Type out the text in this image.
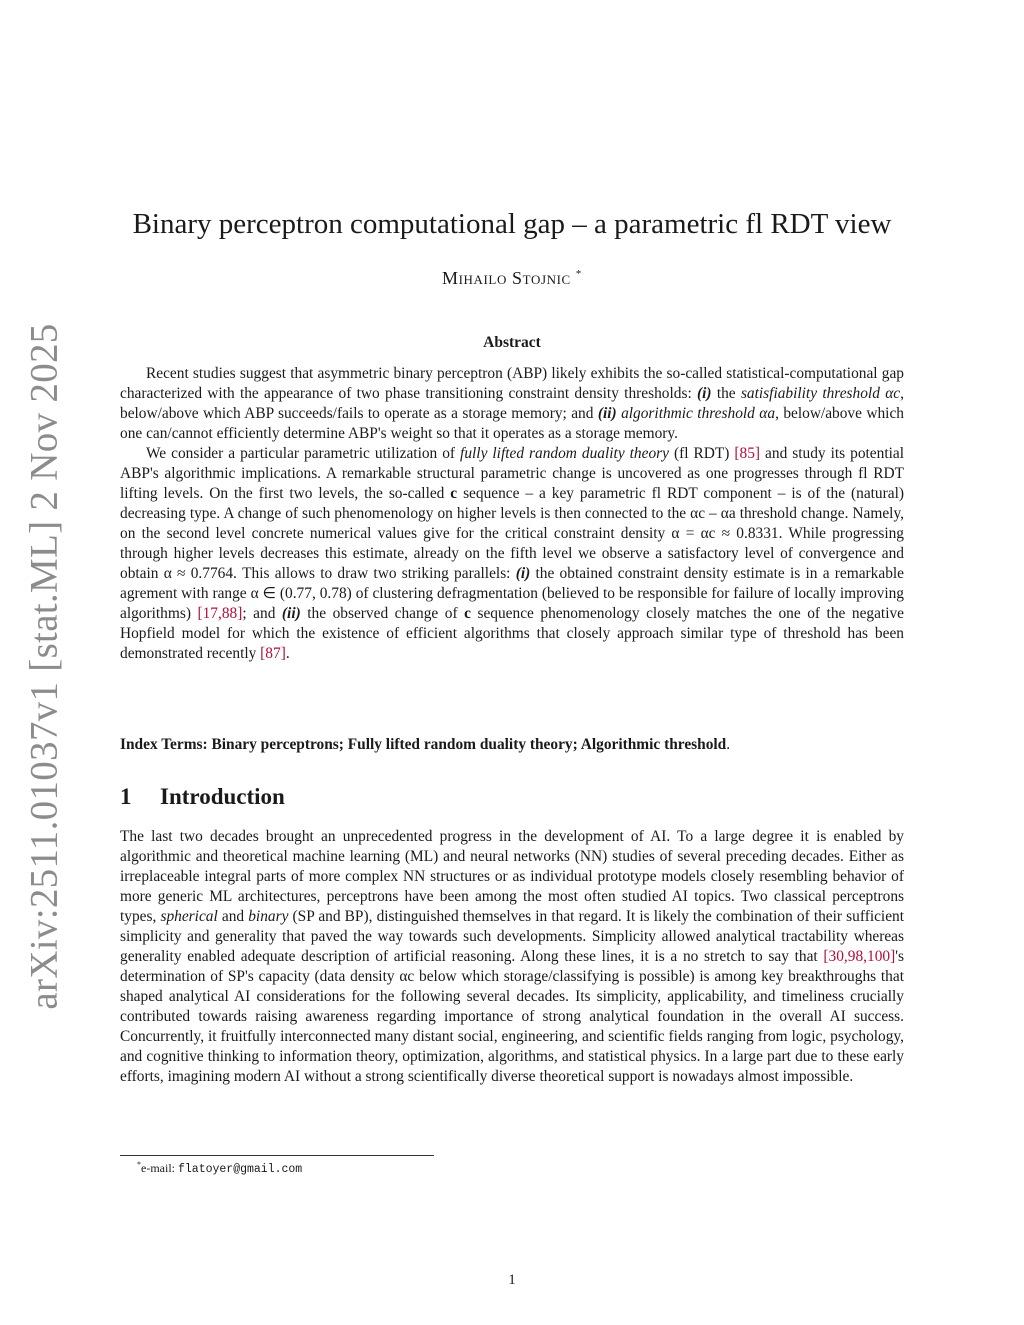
arXiv:2511.01037v1 [stat.ML] 2 Nov 2025
Binary perceptron computational gap – a parametric fl RDT view
Mihailo Stojnic *
Abstract

Recent studies suggest that asymmetric binary perceptron (ABP) likely exhibits the so-called statistical-computational gap characterized with the appearance of two phase transitioning constraint density thresholds: (i) the satisfiability threshold αc, below/above which ABP succeeds/fails to operate as a storage memory; and (ii) algorithmic threshold αa, below/above which one can/cannot efficiently determine ABP's weight so that it operates as a storage memory.

We consider a particular parametric utilization of fully lifted random duality theory (fl RDT) [85] and study its potential ABP's algorithmic implications. A remarkable structural parametric change is uncovered as one progresses through fl RDT lifting levels. On the first two levels, the so-called c sequence – a key parametric fl RDT component – is of the (natural) decreasing type. A change of such phenomenology on higher levels is then connected to the αc – αa threshold change. Namely, on the second level concrete numerical values give for the critical constraint density α = αc ≈ 0.8331. While progressing through higher levels decreases this estimate, already on the fifth level we observe a satisfactory level of convergence and obtain α ≈ 0.7764. This allows to draw two striking parallels: (i) the obtained constraint density estimate is in a remarkable agrement with range α ∈ (0.77, 0.78) of clustering defragmentation (believed to be responsible for failure of locally improving algorithms) [17,88]; and (ii) the observed change of c sequence phenomenology closely matches the one of the negative Hopfield model for which the existence of efficient algorithms that closely approach similar type of threshold has been demonstrated recently [87].

Index Terms: Binary perceptrons; Fully lifted random duality theory; Algorithmic threshold.
1 Introduction

The last two decades brought an unprecedented progress in the development of AI. To a large degree it is enabled by algorithmic and theoretical machine learning (ML) and neural networks (NN) studies of several preceding decades. Either as irreplaceable integral parts of more complex NN structures or as individual prototype models closely resembling behavior of more generic ML architectures, perceptrons have been among the most often studied AI topics. Two classical perceptrons types, spherical and binary (SP and BP), distinguished themselves in that regard. It is likely the combination of their sufficient simplicity and generality that paved the way towards such developments. Simplicity allowed analytical tractability whereas generality enabled adequate description of artificial reasoning. Along these lines, it is a no stretch to say that [30,98,100]'s determination of SP's capacity (data density αc below which storage/classifying is possible) is among key breakthroughs that shaped analytical AI considerations for the following several decades. Its simplicity, applicability, and timeliness crucially contributed towards raising awareness regarding importance of strong analytical foundation in the overall AI success. Concurrently, it fruitfully interconnected many distant social, engineering, and scientific fields ranging from logic, psychology, and cognitive thinking to information theory, optimization, algorithms, and statistical physics. In a large part due to these early efforts, imagining modern AI without a strong scientifically diverse theoretical support is nowadays almost impossible.

*e-mail: flatoyer@gmail.com
1
